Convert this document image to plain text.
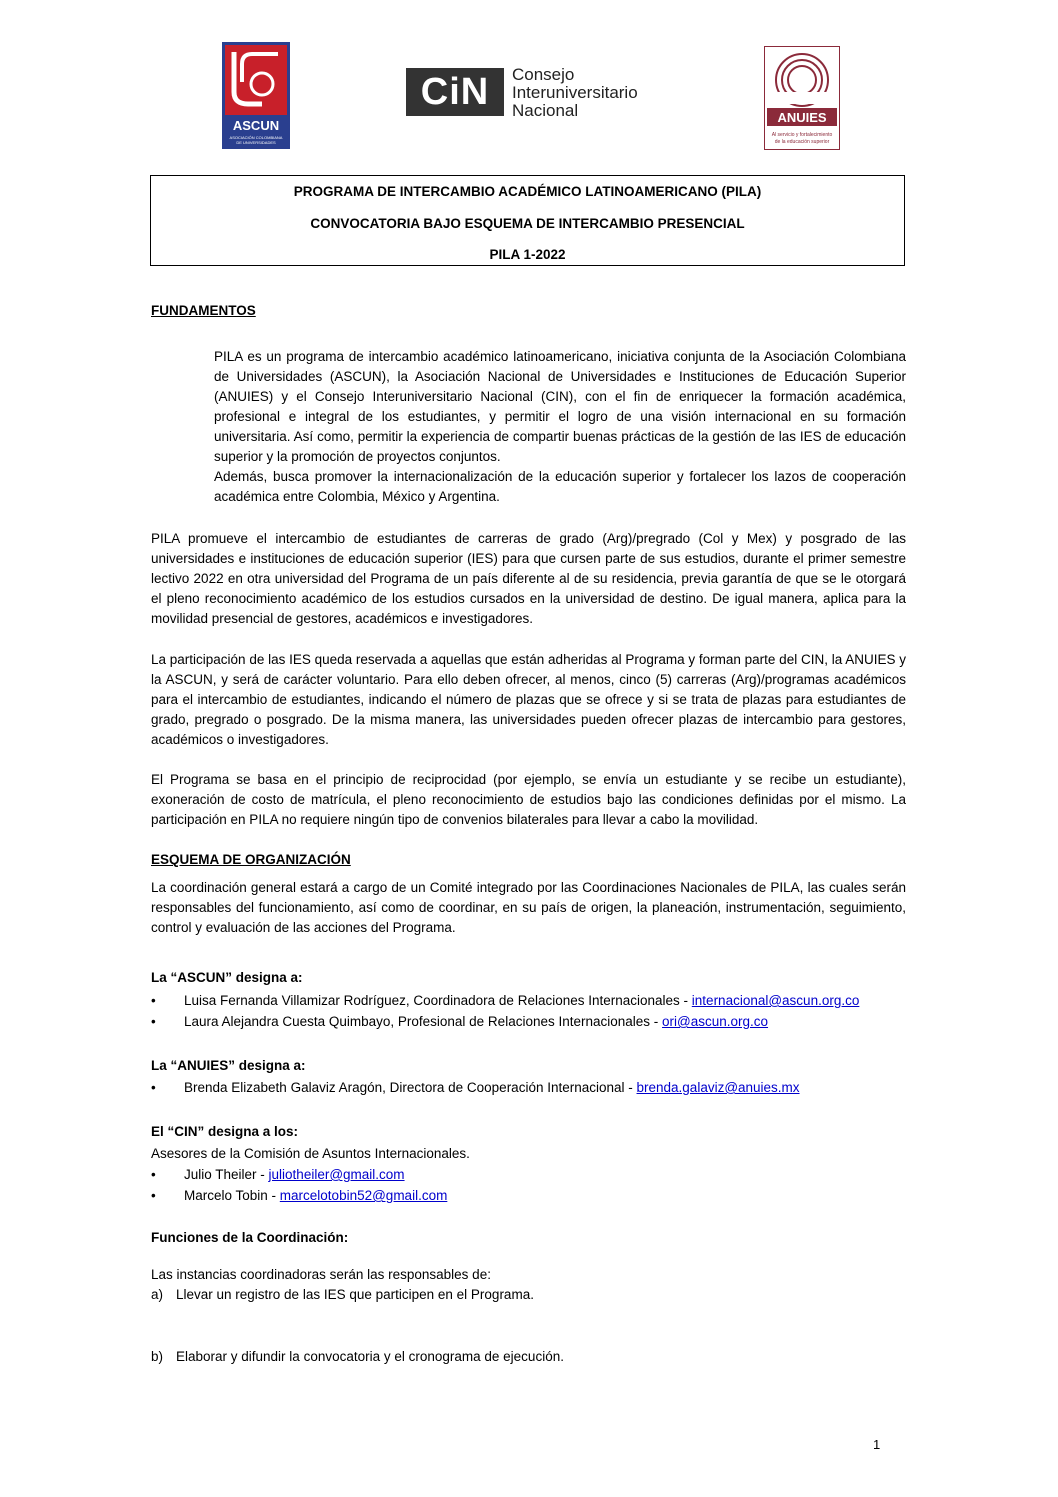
ASCUN
ASOCIACIÓN COLOMBIANA
DE UNIVERSIDADES
CiN	Consejo
Interuniversitario
Nacional	ANUIES
Al servicio y fortalecimiento
de la educación superior
PROGRAMA DE INTERCAMBIO ACADÉMICO LATINOAMERICANO (PILA)
CONVOCATORIA BAJO ESQUEMA DE INTERCAMBIO PRESENCIAL
PILA 1-2022
FUNDAMENTOS
PILA es un programa de intercambio académico latinoamericano, iniciativa conjunta de la Asociación Colombiana de Universidades (ASCUN), la Asociación Nacional de Universidades e Instituciones de Educación Superior (ANUIES) y el Consejo Interuniversitario Nacional (CIN), con el fin de enriquecer la formación académica, profesional e integral de los estudiantes, y permitir el logro de una visión internacional en su formación universitaria. Así como, permitir la experiencia de compartir buenas prácticas de la gestión de las IES de educación superior y la promoción de proyectos conjuntos.
Además, busca promover la internacionalización de la educación superior y fortalecer los lazos de cooperación académica entre Colombia, México y Argentina.
PILA promueve el intercambio de estudiantes de carreras de grado (Arg)/pregrado (Col y Mex) y posgrado de las universidades e instituciones de educación superior (IES) para que cursen parte de sus estudios, durante el primer semestre lectivo 2022 en otra universidad del Programa de un país diferente al de su residencia, previa garantía de que se le otorgará el pleno reconocimiento académico de los estudios cursados en la universidad de destino. De igual manera, aplica para la movilidad presencial de gestores, académicos e investigadores.
La participación de las IES queda reservada a aquellas que están adheridas al Programa y forman parte del CIN, la ANUIES y la ASCUN, y será de carácter voluntario. Para ello deben ofrecer, al menos, cinco (5) carreras (Arg)/programas académicos para el intercambio de estudiantes, indicando el número de plazas que se ofrece y si se trata de plazas para estudiantes de grado, pregrado o posgrado. De la misma manera, las universidades pueden ofrecer plazas de intercambio para gestores, académicos o investigadores.
El Programa se basa en el principio de reciprocidad (por ejemplo, se envía un estudiante y se recibe un estudiante), exoneración de costo de matrícula, el pleno reconocimiento de estudios bajo las condiciones definidas por el mismo. La participación en PILA no requiere ningún tipo de convenios bilaterales para llevar a cabo la movilidad.
ESQUEMA DE ORGANIZACIÓN
La coordinación general estará a cargo de un Comité integrado por las Coordinaciones Nacionales de PILA, las cuales serán responsables del funcionamiento, así como de coordinar, en su país de origen, la planeación, instrumentación, seguimiento, control y evaluación de las acciones del Programa.
La “ASCUN” designa a:
• Luisa Fernanda Villamizar Rodríguez, Coordinadora de Relaciones Internacionales - internacional@ascun.org.co
• Laura Alejandra Cuesta Quimbayo, Profesional de Relaciones Internacionales - ori@ascun.org.co
La “ANUIES” designa a:
• Brenda Elizabeth Galaviz Aragón, Directora de Cooperación Internacional - brenda.galaviz@anuies.mx
El “CIN” designa a los:
Asesores de la Comisión de Asuntos Internacionales.
• Julio Theiler - juliotheiler@gmail.com
• Marcelo Tobin - marcelotobin52@gmail.com
Funciones de la Coordinación:
Las instancias coordinadoras serán las responsables de:
a) Llevar un registro de las IES que participen en el Programa.
b) Elaborar y difundir la convocatoria y el cronograma de ejecución.
1
